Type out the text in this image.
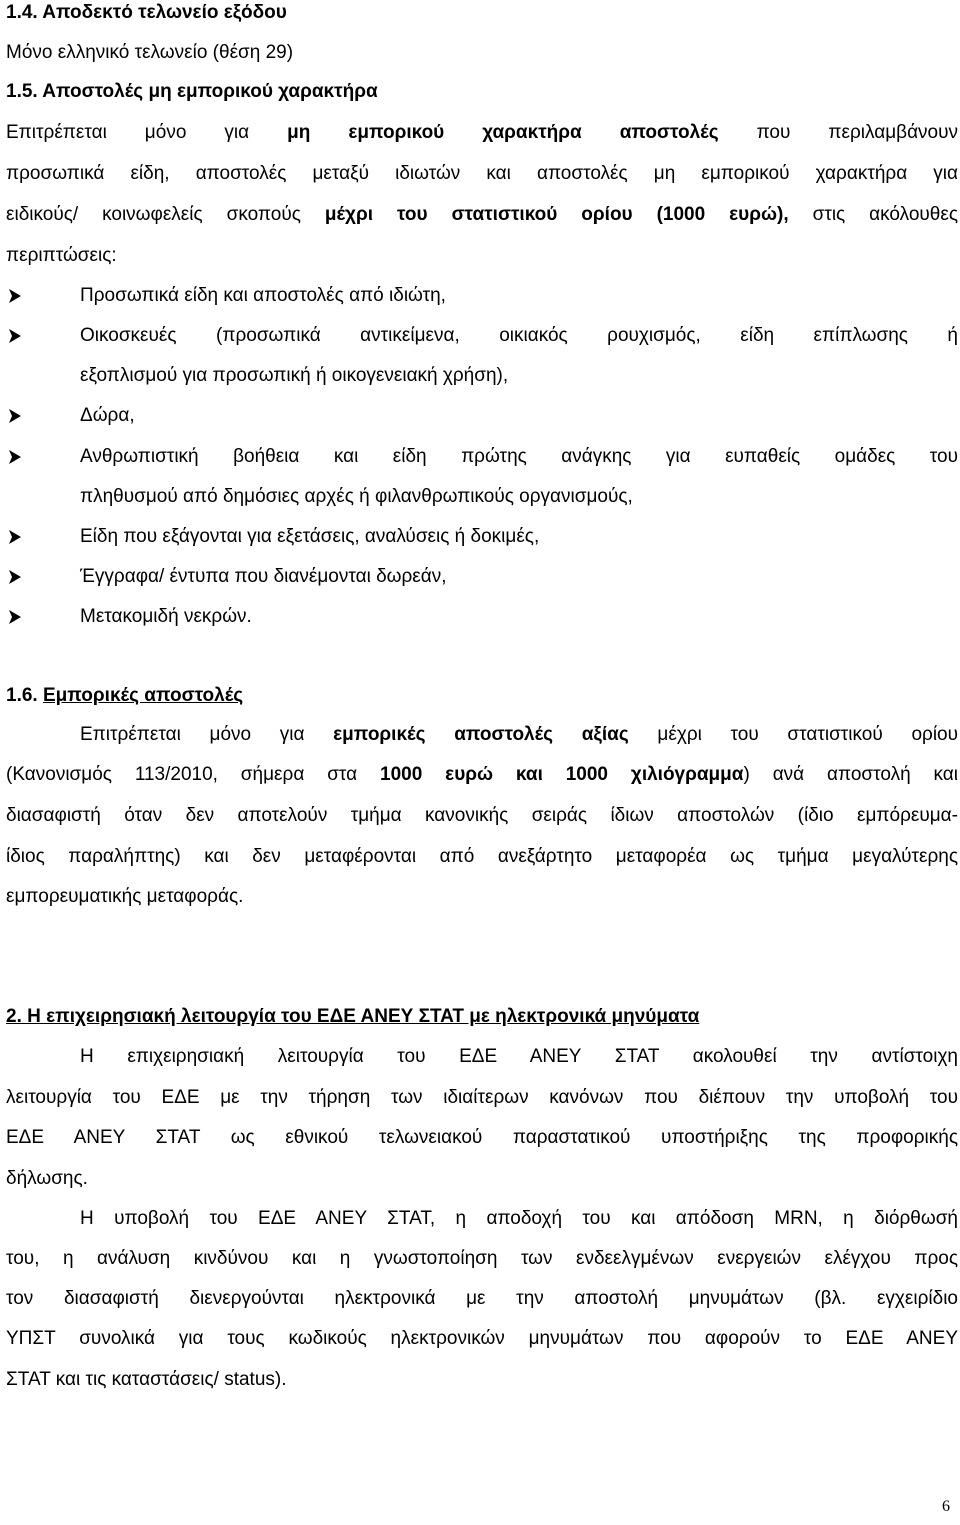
1.4. Αποδεκτό τελωνείο εξόδου
Μόνο ελληνικό τελωνείο (θέση 29)
1.5. Αποστολές μη εμπορικού χαρακτήρα
Επιτρέπεται μόνο για μη εμπορικού χαρακτήρα αποστολές που περιλαμβάνουν
προσωπικά είδη, αποστολές μεταξύ ιδιωτών και αποστολές μη εμπορικού χαρακτήρα για
ειδικούς/ κοινωφελείς σκοπούς μέχρι του στατιστικού ορίου (1000 ευρώ), στις ακόλουθες
περιπτώσεις:
Προσωπικά είδη και αποστολές από ιδιώτη,
Οικοσκευές (προσωπικά αντικείμενα, οικιακός ρουχισμός, είδη επίπλωσης ή
εξοπλισμού για προσωπική ή οικογενειακή χρήση),
Δώρα,
Ανθρωπιστική βοήθεια και είδη πρώτης ανάγκης για ευπαθείς ομάδες του
πληθυσμού από δημόσιες αρχές ή φιλανθρωπικούς οργανισμούς,
Είδη που εξάγονται για εξετάσεις, αναλύσεις ή δοκιμές,
Έγγραφα/ έντυπα που διανέμονται δωρεάν,
Μετακομιδή νεκρών.
1.6. Εμπορικές αποστολές
Επιτρέπεται μόνο για εμπορικές αποστολές αξίας μέχρι του στατιστικού ορίου
(Κανονισμός 113/2010, σήμερα στα 1000 ευρώ και 1000 χιλιόγραμμα) ανά αποστολή και
διασαφιστή όταν δεν αποτελούν τμήμα κανονικής σειράς ίδιων αποστολών (ίδιο εμπόρευμα-
ίδιος παραλήπτης) και δεν μεταφέρονται από ανεξάρτητο μεταφορέα ως τμήμα μεγαλύτερης
εμπορευματικής μεταφοράς.
2. Η επιχειρησιακή λειτουργία του ΕΔΕ ΑΝΕΥ ΣΤΑΤ με ηλεκτρονικά μηνύματα
Η επιχειρησιακή λειτουργία του ΕΔΕ ΑΝΕΥ ΣΤΑΤ ακολουθεί την αντίστοιχη
λειτουργία του ΕΔΕ με την τήρηση των ιδιαίτερων κανόνων που διέπουν την υποβολή του
ΕΔΕ ΑΝΕΥ ΣΤΑΤ ως εθνικού τελωνειακού παραστατικού υποστήριξης της προφορικής
δήλωσης.
Η υποβολή του ΕΔΕ ΑΝΕΥ ΣΤΑΤ, η αποδοχή του και απόδοση MRN, η διόρθωσή
του, η ανάλυση κινδύνου και η γνωστοποίηση των ενδεελγμένων ενεργειών ελέγχου προς
τον διασαφιστή διενεργούνται ηλεκτρονικά με την αποστολή μηνυμάτων (βλ. εγχειρίδιο
ΥΠΣΤ συνολικά για τους κωδικούς ηλεκτρονικών μηνυμάτων που αφορούν το ΕΔΕ ΑΝΕΥ
ΣΤΑΤ και τις καταστάσεις/ status).
6
